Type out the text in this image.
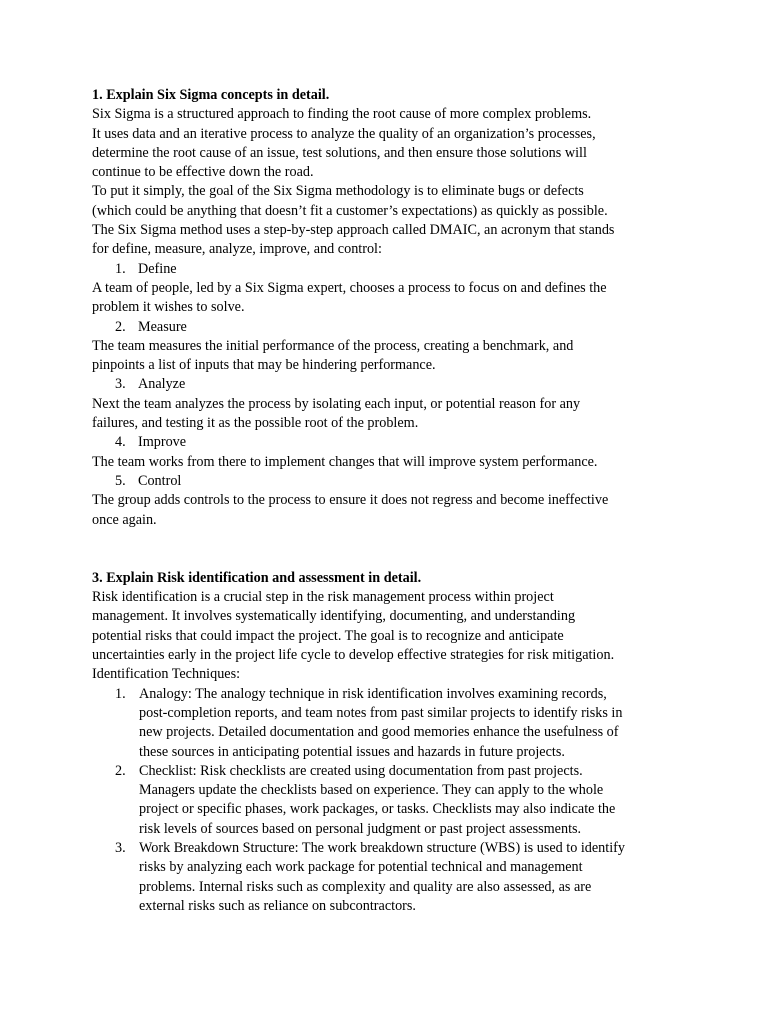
1. Explain Six Sigma concepts in detail.
Six Sigma is a structured approach to finding the root cause of more complex problems.
It uses data and an iterative process to analyze the quality of an organization’s processes,
determine the root cause of an issue, test solutions, and then ensure those solutions will
continue to be effective down the road.
To put it simply, the goal of the Six Sigma methodology is to eliminate bugs or defects
(which could be anything that doesn’t fit a customer’s expectations) as quickly as possible.
The Six Sigma method uses a step-by-step approach called DMAIC, an acronym that stands
for define, measure, analyze, improve, and control:
1. Define
A team of people, led by a Six Sigma expert, chooses a process to focus on and defines the
problem it wishes to solve.
2. Measure
The team measures the initial performance of the process, creating a benchmark, and
pinpoints a list of inputs that may be hindering performance.
3. Analyze
Next the team analyzes the process by isolating each input, or potential reason for any
failures, and testing it as the possible root of the problem.
4. Improve
The team works from there to implement changes that will improve system performance.
5. Control
The group adds controls to the process to ensure it does not regress and become ineffective
once again.
3. Explain Risk identification and assessment in detail.
Risk identification is a crucial step in the risk management process within project
management. It involves systematically identifying, documenting, and understanding
potential risks that could impact the project. The goal is to recognize and anticipate
uncertainties early in the project life cycle to develop effective strategies for risk mitigation.
Identification Techniques:
1. Analogy: The analogy technique in risk identification involves examining records,
post-completion reports, and team notes from past similar projects to identify risks in
new projects. Detailed documentation and good memories enhance the usefulness of
these sources in anticipating potential issues and hazards in future projects.
2. Checklist: Risk checklists are created using documentation from past projects.
Managers update the checklists based on experience. They can apply to the whole
project or specific phases, work packages, or tasks. Checklists may also indicate the
risk levels of sources based on personal judgment or past project assessments.
3. Work Breakdown Structure: The work breakdown structure (WBS) is used to identify
risks by analyzing each work package for potential technical and management
problems. Internal risks such as complexity and quality are also assessed, as are
external risks such as reliance on subcontractors.
